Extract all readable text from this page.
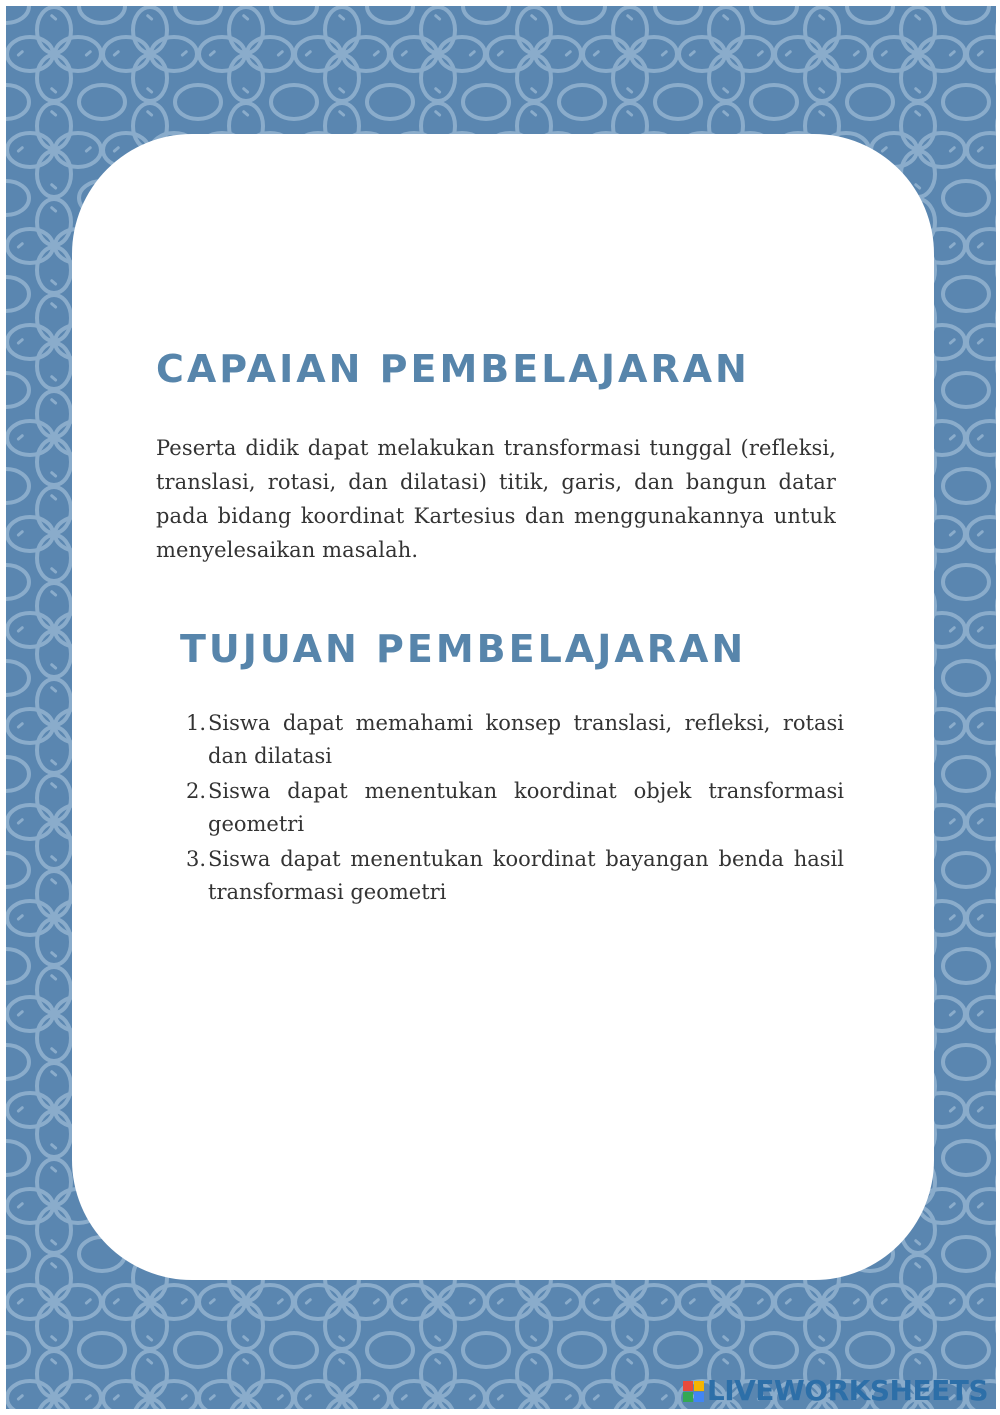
CAPAIAN PEMBELAJARAN

Peserta didik dapat melakukan transformasi tunggal (refleksi, translasi, rotasi, dan dilatasi) titik, garis, dan bangun datar pada bidang koordinat Kartesius dan menggunakannya untuk menyelesaikan masalah.

TUJUAN PEMBELAJARAN
1. Siswa dapat memahami konsep translasi, refleksi, rotasi dan dilatasi
2. Siswa dapat menentukan koordinat objek transformasi geometri
3. Siswa dapat menentukan koordinat bayangan benda hasil transformasi geometri
LIVEWORKSHEETS
